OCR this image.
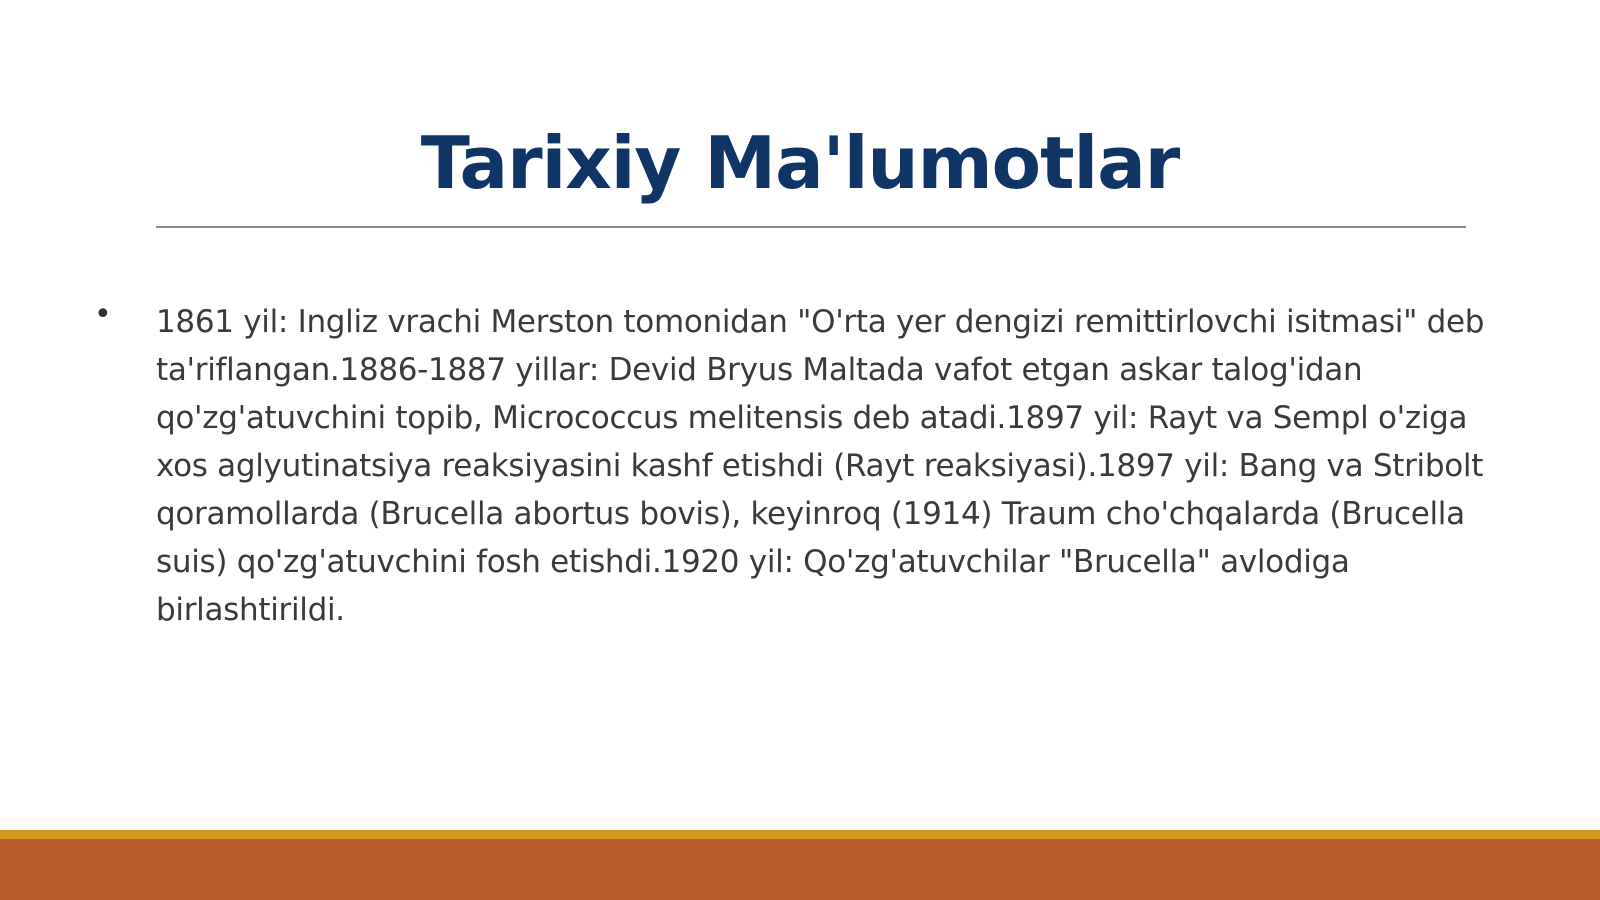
Tarixiy Ma'lumotlar
• 1861 yil: Ingliz vrachi Merston tomonidan "O'rta yer dengizi remittirlovchi isitmasi" deb ta'riflangan.1886-1887 yillar: Devid Bryus Maltada vafot etgan askar talog'idan qo'zg'atuvchini topib, Micrococcus melitensis deb atadi.1897 yil: Rayt va Sempl o'ziga xos aglyutinatsiya reaksiyasini kashf etishdi (Rayt reaksiyasi).1897 yil: Bang va Stribolt qoramollarda (Brucella abortus bovis), keyinroq (1914) Traum cho'chqalarda (Brucella suis) qo'zg'atuvchini fosh etishdi.1920 yil: Qo'zg'atuvchilar "Brucella" avlodiga birlashtirildi.
